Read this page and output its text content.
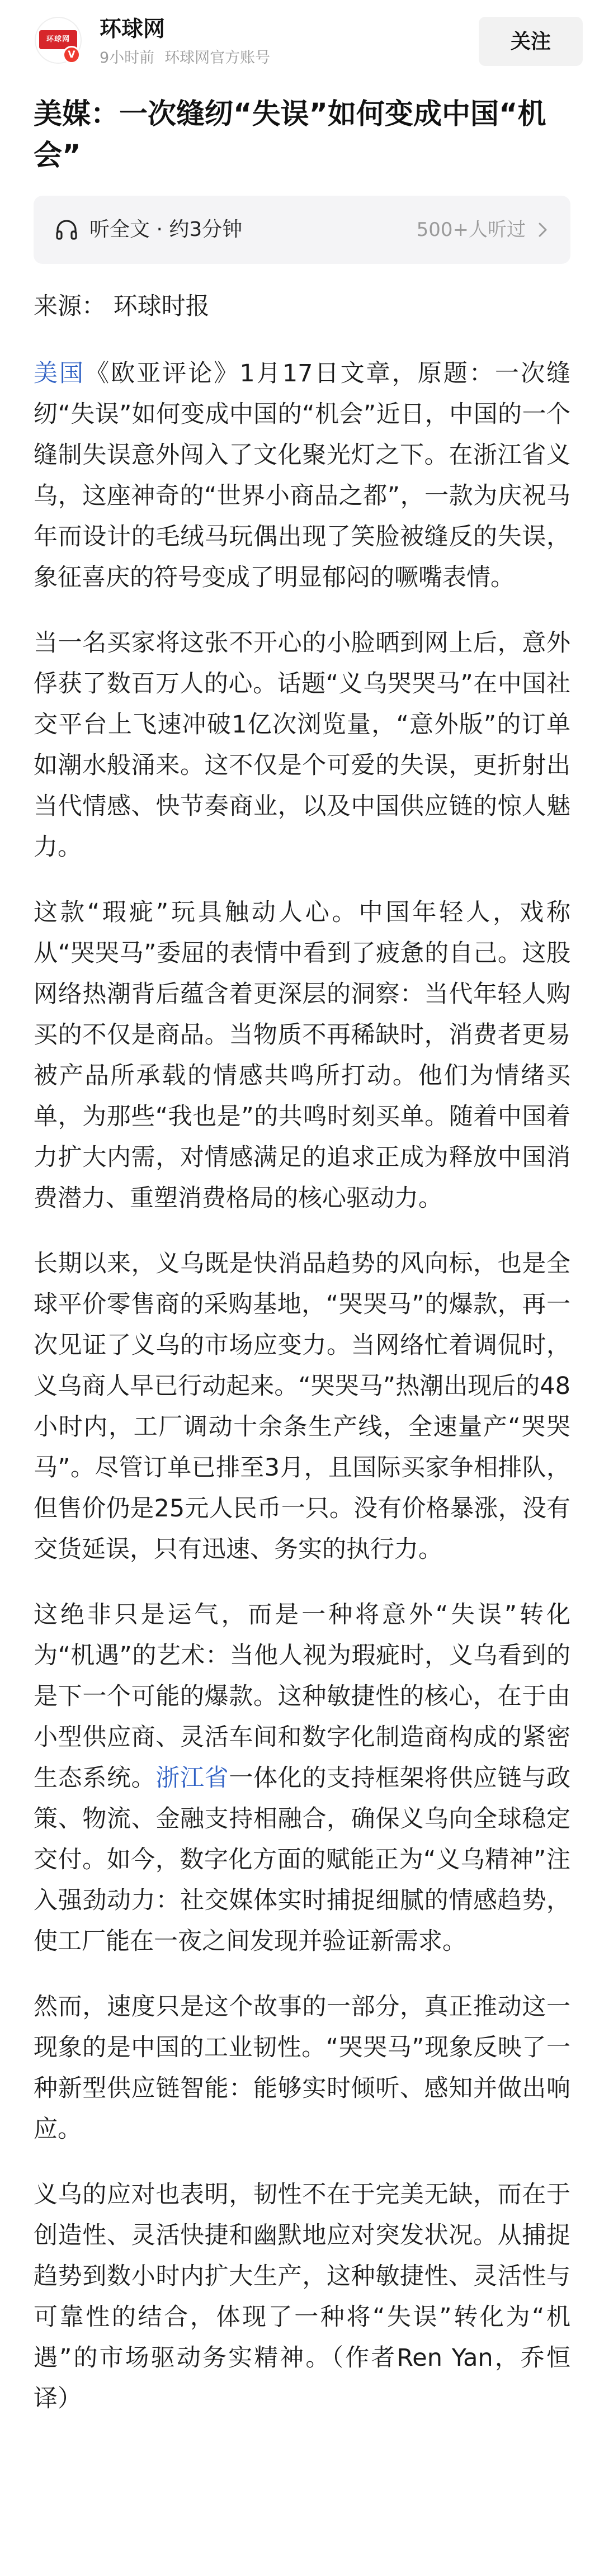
环球网
V
环球网
9小时前 环球网官方账号
关注
美媒：一次缝纫“失误”如何变成中国“机会”
听全文 · 约3分钟	500+人听过

来源： 环球时报

美国《欧亚评论》1月17日文章，原题：一次缝纫“失误”如何变成中国的“机会”近日，中国的一个缝制失误意外闯入了文化聚光灯之下。在浙江省义乌，这座神奇的“世界小商品之都”，一款为庆祝马年而设计的毛绒马玩偶出现了笑脸被缝反的失误，象征喜庆的符号变成了明显郁闷的噘嘴表情。

当一名买家将这张不开心的小脸晒到网上后，意外俘获了数百万人的心。话题“义乌哭哭马”在中国社交平台上飞速冲破1亿次浏览量，“意外版”的订单如潮水般涌来。这不仅是个可爱的失误，更折射出当代情感、快节奏商业，以及中国供应链的惊人魅力。

这款“瑕疵”玩具触动人心。中国年轻人，戏称从“哭哭马”委屈的表情中看到了疲惫的自己。这股网络热潮背后蕴含着更深层的洞察：当代年轻人购买的不仅是商品。当物质不再稀缺时，消费者更易被产品所承载的情感共鸣所打动。他们为情绪买单，为那些“我也是”的共鸣时刻买单。随着中国着力扩大内需，对情感满足的追求正成为释放中国消费潜力、重塑消费格局的核心驱动力。

长期以来，义乌既是快消品趋势的风向标，也是全球平价零售商的采购基地，“哭哭马”的爆款，再一次见证了义乌的市场应变力。当网络忙着调侃时，义乌商人早已行动起来。“哭哭马”热潮出现后的48小时内，工厂调动十余条生产线，全速量产“哭哭马”。尽管订单已排至3月，且国际买家争相排队，但售价仍是25元人民币一只。没有价格暴涨，没有交货延误，只有迅速、务实的执行力。

这绝非只是运气，而是一种将意外“失误”转化为“机遇”的艺术：当他人视为瑕疵时，义乌看到的是下一个可能的爆款。这种敏捷性的核心，在于由小型供应商、灵活车间和数字化制造商构成的紧密生态系统。浙江省一体化的支持框架将供应链与政策、物流、金融支持相融合，确保义乌向全球稳定交付。如今，数字化方面的赋能正为“义乌精神”注入强劲动力：社交媒体实时捕捉细腻的情感趋势，使工厂能在一夜之间发现并验证新需求。

然而，速度只是这个故事的一部分，真正推动这一现象的是中国的工业韧性。“哭哭马”现象反映了一种新型供应链智能：能够实时倾听、感知并做出响应。

义乌的应对也表明，韧性不在于完美无缺，而在于创造性、灵活快捷和幽默地应对突发状况。从捕捉趋势到数小时内扩大生产，这种敏捷性、灵活性与可靠性的结合，体现了一种将“失误”转化为“机遇”的市场驱动务实精神。（作者Ren Yan，乔恒译）
